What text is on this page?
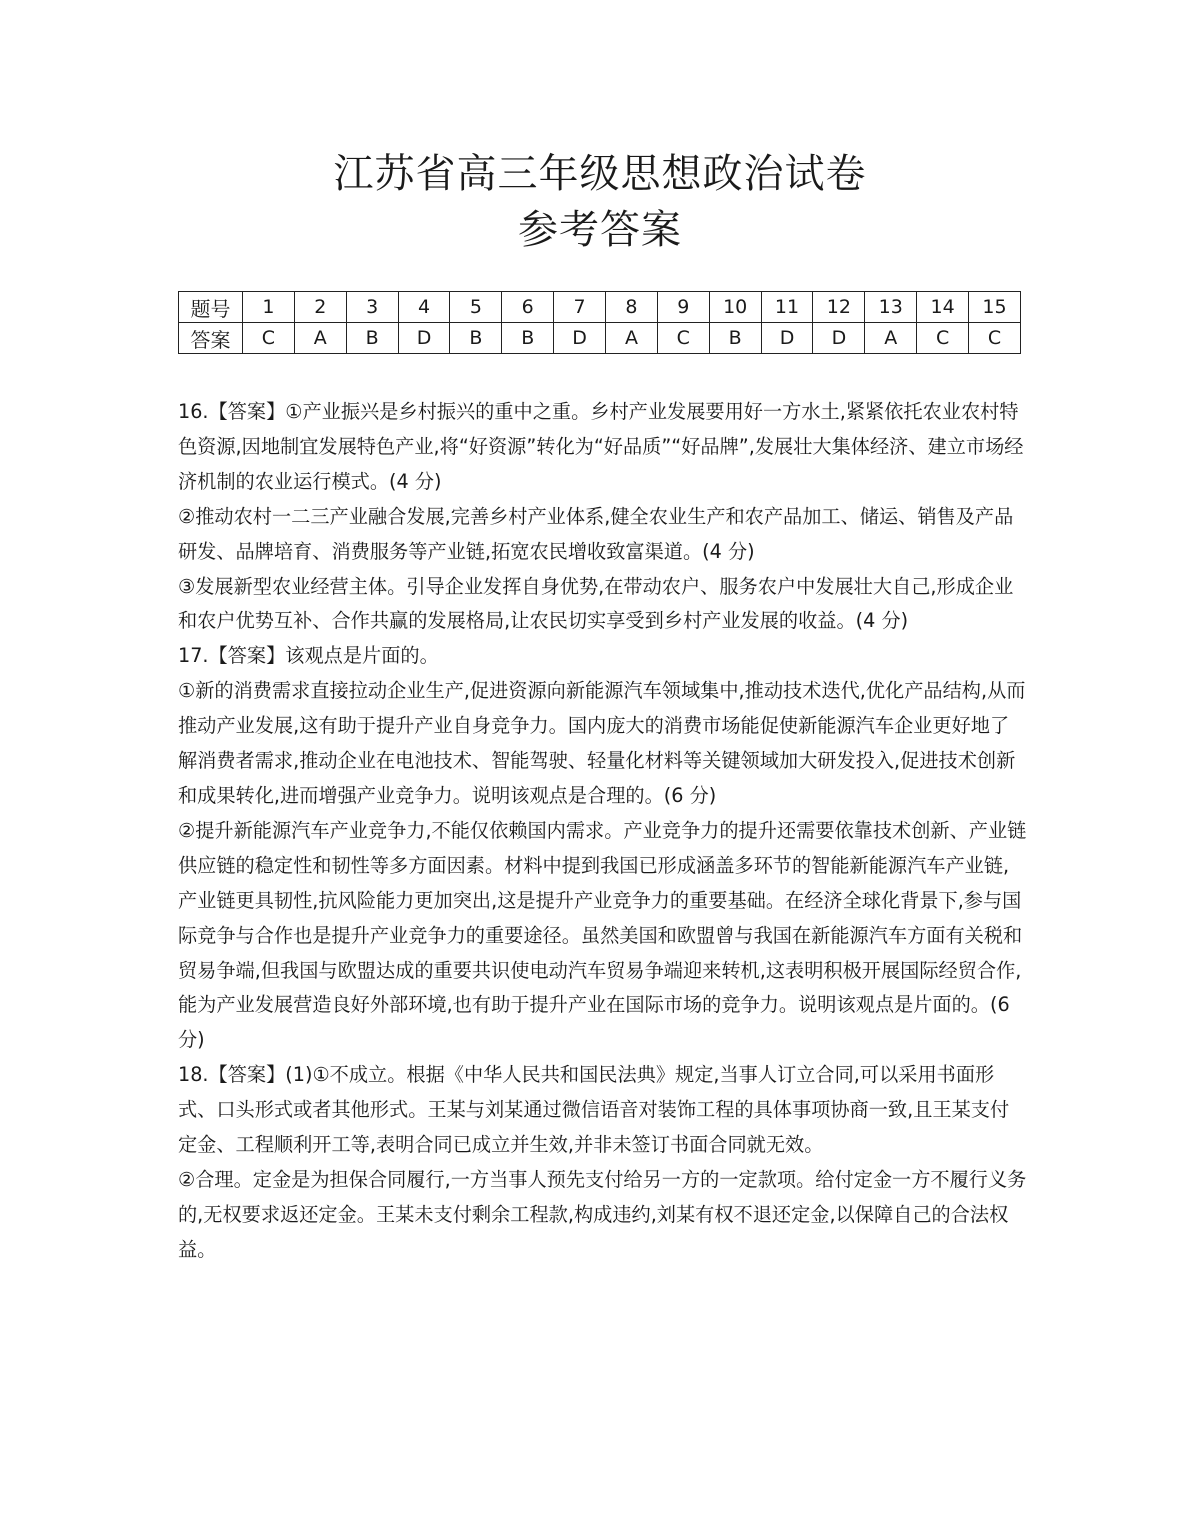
江苏省高三年级思想政治试卷
参考答案
题号	1	2	3	4	5	6	7	8	9	10	11	12	13	14	15
答案	C	A	B	D	B	B	D	A	C	B	D	D	A	C	C

16.【答案】①产业振兴是乡村振兴的重中之重。乡村产业发展要用好一方水土,紧紧依托农业农村特色资源,因地制宜发展特色产业,将“好资源”转化为“好品质”“好品牌”,发展壮大集体经济、建立市场经济机制的农业运行模式。(4 分)

②推动农村一二三产业融合发展,完善乡村产业体系,健全农业生产和农产品加工、储运、销售及产品研发、品牌培育、消费服务等产业链,拓宽农民增收致富渠道。(4 分)

③发展新型农业经营主体。引导企业发挥自身优势,在带动农户、服务农户中发展壮大自己,形成企业和农户优势互补、合作共赢的发展格局,让农民切实享受到乡村产业发展的收益。(4 分)

17.【答案】该观点是片面的。

①新的消费需求直接拉动企业生产,促进资源向新能源汽车领域集中,推动技术迭代,优化产品结构,从而推动产业发展,这有助于提升产业自身竞争力。国内庞大的消费市场能促使新能源汽车企业更好地了解消费者需求,推动企业在电池技术、智能驾驶、轻量化材料等关键领域加大研发投入,促进技术创新和成果转化,进而增强产业竞争力。说明该观点是合理的。(6 分)

②提升新能源汽车产业竞争力,不能仅依赖国内需求。产业竞争力的提升还需要依靠技术创新、产业链供应链的稳定性和韧性等多方面因素。材料中提到我国已形成涵盖多环节的智能新能源汽车产业链,产业链更具韧性,抗风险能力更加突出,这是提升产业竞争力的重要基础。在经济全球化背景下,参与国际竞争与合作也是提升产业竞争力的重要途径。虽然美国和欧盟曾与我国在新能源汽车方面有关税和贸易争端,但我国与欧盟达成的重要共识使电动汽车贸易争端迎来转机,这表明积极开展国际经贸合作,能为产业发展营造良好外部环境,也有助于提升产业在国际市场的竞争力。说明该观点是片面的。(6 分)

18.【答案】(1)①不成立。根据《中华人民共和国民法典》规定,当事人订立合同,可以采用书面形式、口头形式或者其他形式。王某与刘某通过微信语音对装饰工程的具体事项协商一致,且王某支付定金、工程顺利开工等,表明合同已成立并生效,并非未签订书面合同就无效。

②合理。定金是为担保合同履行,一方当事人预先支付给另一方的一定款项。给付定金一方不履行义务的,无权要求返还定金。王某未支付剩余工程款,构成违约,刘某有权不退还定金,以保障自己的合法权益。
